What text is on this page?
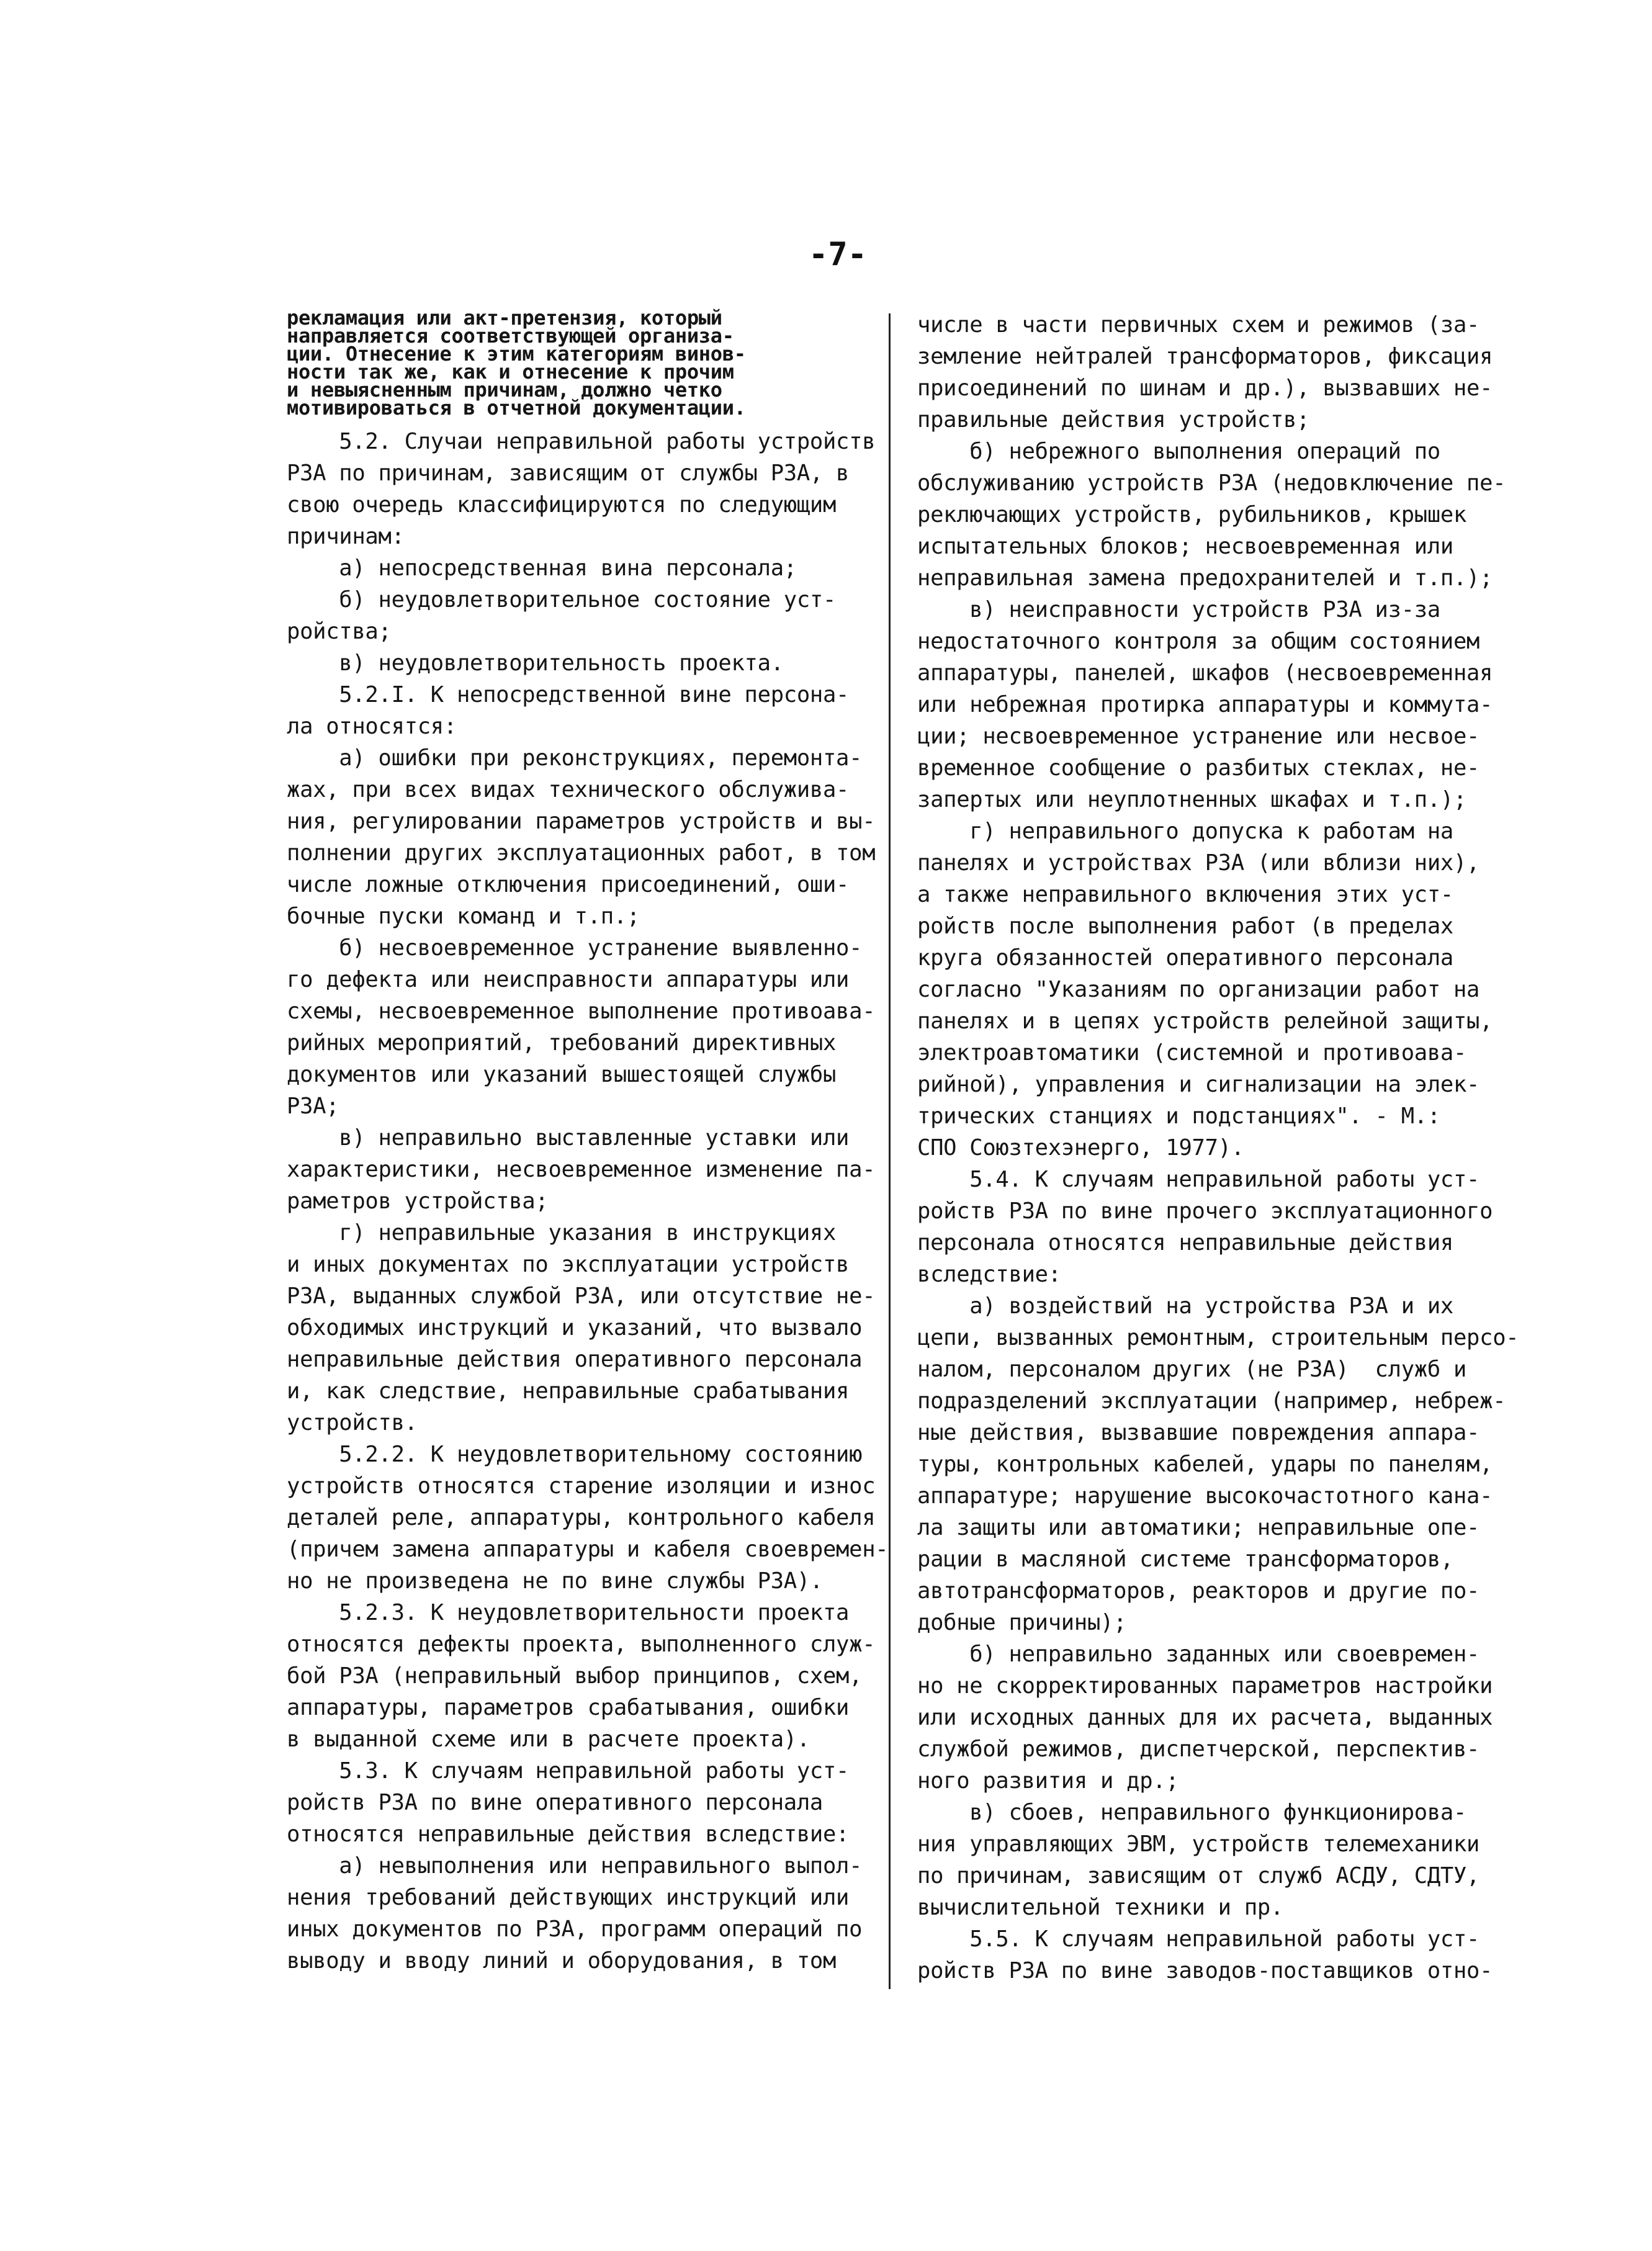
-7-
рекламация или акт-претензия, который
направляется соответствующей организа-
ции. Отнесение к этим категориям винов-
ности так же, как и отнесение к прочим
и невыясненным причинам, должно четко
мотивироваться в отчетной документации.
5.2. Случаи неправильной работы устройств
РЗА по причинам, зависящим от службы РЗА, в
свою очередь классифицируются по следующим
причинам:
а) непосредственная вина персонала;
б) неудовлетворительное состояние уст-
ройства;
в) неудовлетворительность проекта.
5.2.I. К непосредственной вине персона-
ла относятся:
а) ошибки при реконструкциях, перемонта-
жах, при всех видах технического обслужива-
ния, регулировании параметров устройств и вы-
полнении других эксплуатационных работ, в том
числе ложные отключения присоединений, оши-
бочные пуски команд и т.п.;
б) несвоевременное устранение выявленно-
го дефекта или неисправности аппаратуры или
схемы, несвоевременное выполнение противоава-
рийных мероприятий, требований директивных
документов или указаний вышестоящей службы
РЗА;
в) неправильно выставленные уставки или
характеристики, несвоевременное изменение па-
раметров устройства;
г) неправильные указания в инструкциях
и иных документах по эксплуатации устройств
РЗА, выданных службой РЗА, или отсутствие не-
обходимых инструкций и указаний, что вызвало
неправильные действия оперативного персонала
и, как следствие, неправильные срабатывания
устройств.
5.2.2. К неудовлетворительному состоянию
устройств относятся старение изоляции и износ
деталей реле, аппаратуры, контрольного кабеля
(причем замена аппаратуры и кабеля своевремен-
но не произведена не по вине службы РЗА).
5.2.3. К неудовлетворительности проекта
относятся дефекты проекта, выполненного служ-
бой РЗА (неправильный выбор принципов, схем,
аппаратуры, параметров срабатывания, ошибки
в выданной схеме или в расчете проекта).
5.3. К случаям неправильной работы уст-
ройств РЗА по вине оперативного персонала
относятся неправильные действия вследствие:
а) невыполнения или неправильного выпол-
нения требований действующих инструкций или
иных документов по РЗА, программ операций по
выводу и вводу линий и оборудования, в том
числе в части первичных схем и режимов (за-
земление нейтралей трансформаторов, фиксация
присоединений по шинам и др.), вызвавших не-
правильные действия устройств;
б) небрежного выполнения операций по
обслуживанию устройств РЗА (недовключение пе-
реключающих устройств, рубильников, крышек
испытательных блоков; несвоевременная или
неправильная замена предохранителей и т.п.);
в) неисправности устройств РЗА из-за
недостаточного контроля за общим состоянием
аппаратуры, панелей, шкафов (несвоевременная
или небрежная протирка аппаратуры и коммута-
ции; несвоевременное устранение или несвое-
временное сообщение о разбитых стеклах, не-
запертых или неуплотненных шкафах и т.п.);
г) неправильного допуска к работам на
панелях и устройствах РЗА (или вблизи них),
а также неправильного включения этих уст-
ройств после выполнения работ (в пределах
круга обязанностей оперативного персонала
согласно "Указаниям по организации работ на
панелях и в цепях устройств релейной защиты,
электроавтоматики (системной и противоава-
рийной), управления и сигнализации на элек-
трических станциях и подстанциях". - М.:
СПО Союзтехэнерго, 1977).
5.4. К случаям неправильной работы уст-
ройств РЗА по вине прочего эксплуатационного
персонала относятся неправильные действия
вследствие:
а) воздействий на устройства РЗА и их
цепи, вызванных ремонтным, строительным персо-
налом, персоналом других (не РЗА)  служб и
подразделений эксплуатации (например, небреж-
ные действия, вызвавшие повреждения аппара-
туры, контрольных кабелей, удары по панелям,
аппаратуре; нарушение высокочастотного кана-
ла защиты или автоматики; неправильные опе-
рации в масляной системе трансформаторов,
автотрансформаторов, реакторов и другие по-
добные причины);
б) неправильно заданных или своевремен-
но не скорректированных параметров настройки
или исходных данных для их расчета, выданных
службой режимов, диспетчерской, перспектив-
ного развития и др.;
в) сбоев, неправильного функционирова-
ния управляющих ЭВМ, устройств телемеханики
по причинам, зависящим от служб АСДУ, СДТУ,
вычислительной техники и пр.
5.5. К случаям неправильной работы уст-
ройств РЗА по вине заводов-поставщиков отно-
